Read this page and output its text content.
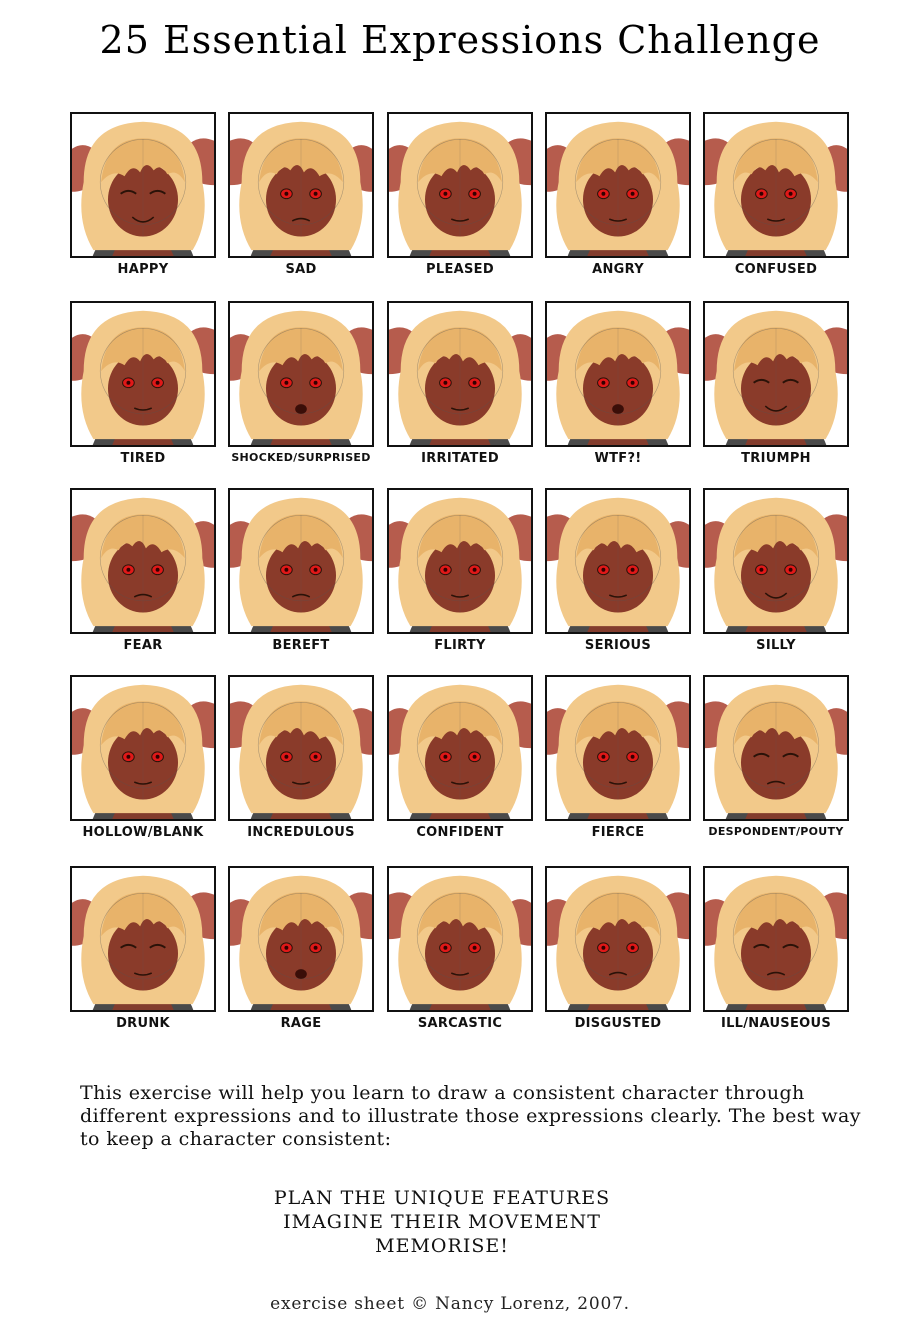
25 Essential Expressions Challenge
HAPPY	SAD	PLEASED	ANGRY	CONFUSED
TIRED	SHOCKED/SURPRISED	IRRITATED	WTF?!	TRIUMPH
FEAR	BEREFT	FLIRTY	SERIOUS	SILLY
HOLLOW/BLANK	INCREDULOUS	CONFIDENT	FIERCE	DESPONDENT/POUTY
DRUNK	RAGE	SARCASTIC	DISGUSTED	ILL/NAUSEOUS
This exercise will help you learn to draw a consistent character through different expressions and to illustrate those expressions clearly. The best way to keep a character consistent:
PLAN THE UNIQUE FEATURES
IMAGINE THEIR MOVEMENT
MEMORISE!
exercise sheet © Nancy Lorenz, 2007.
